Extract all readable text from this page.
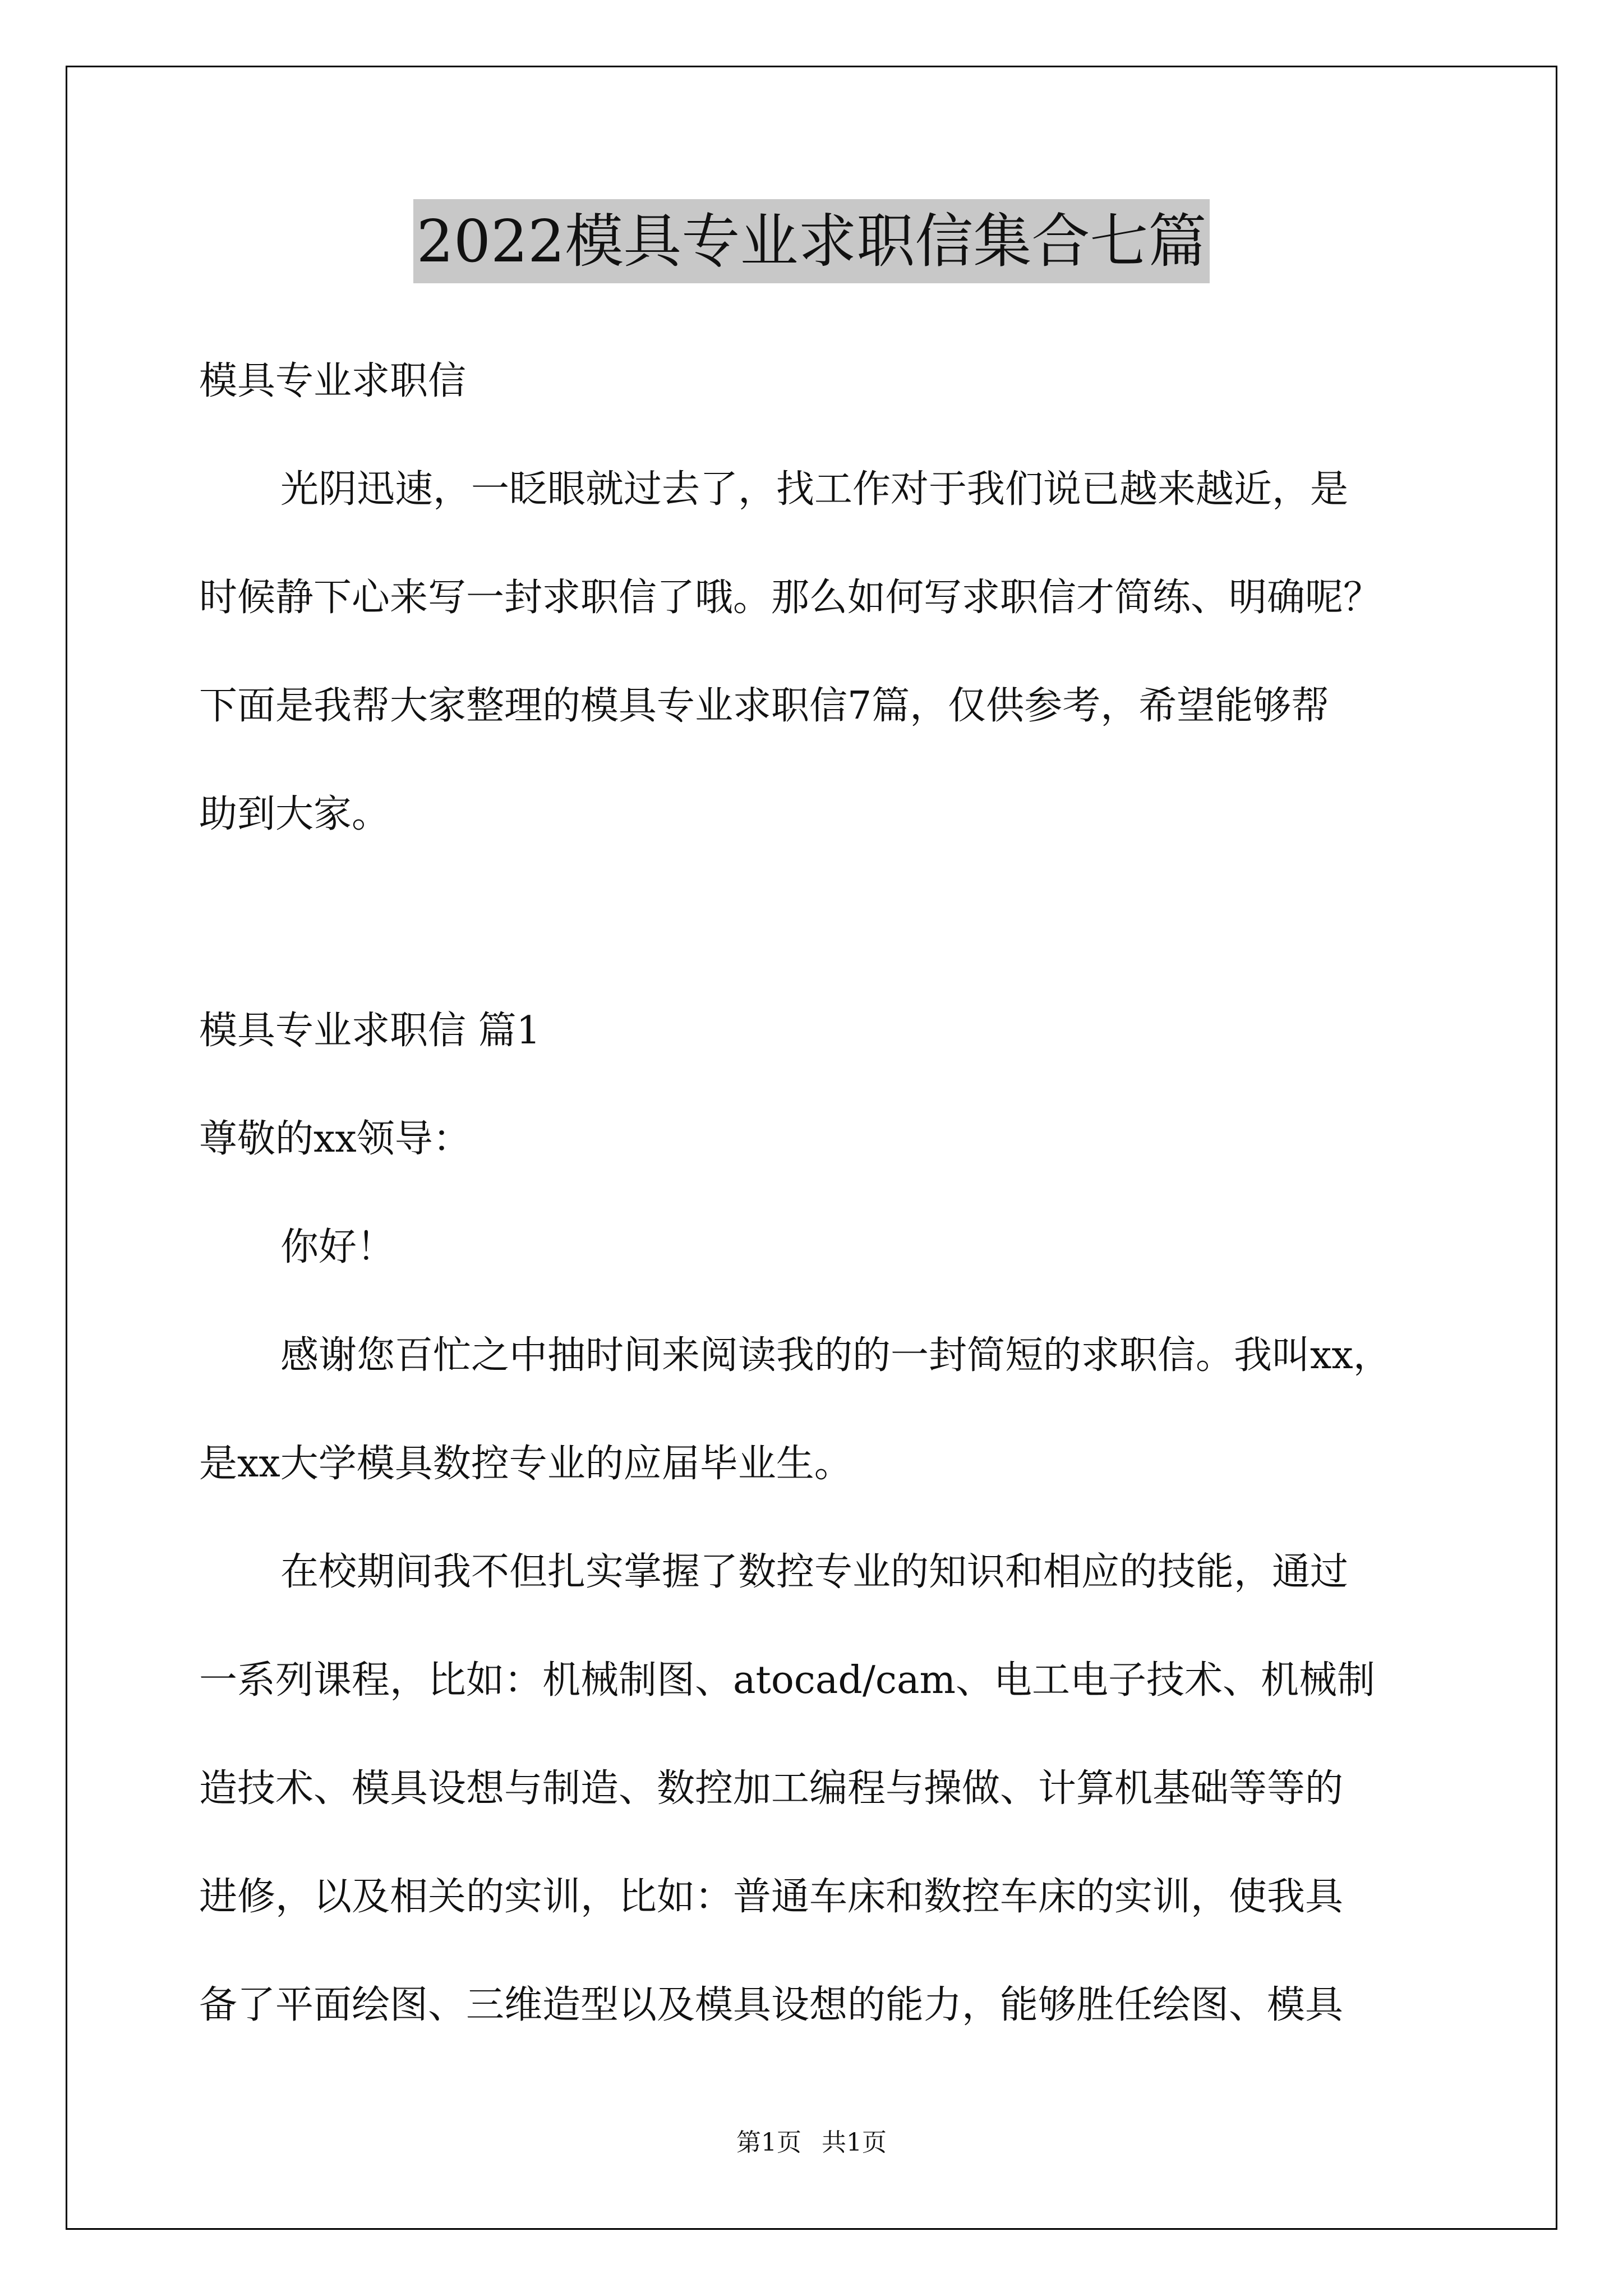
2022模具专业求职信集合七篇
模具专业求职信
光阴迅速，一眨眼就过去了，找工作对于我们说已越来越近，是
时候静下心来写一封求职信了哦。那么如何写求职信才简练、明确呢？
下面是我帮大家整理的模具专业求职信7篇，仅供参考，希望能够帮
助到大家。
模具专业求职信 篇1
尊敬的xx领导：
你好！
感谢您百忙之中抽时间来阅读我的的一封简短的求职信。我叫xx，
是xx大学模具数控专业的应届毕业生。
在校期间我不但扎实掌握了数控专业的知识和相应的技能，通过
一系列课程，比如：机械制图、atocad/cam、电工电子技术、机械制
造技术、模具设想与制造、数控加工编程与操做、计算机基础等等的
进修，以及相关的实训，比如：普通车床和数控车床的实训，使我具
备了平面绘图、三维造型以及模具设想的能力，能够胜任绘图、模具
第1页 共1页
